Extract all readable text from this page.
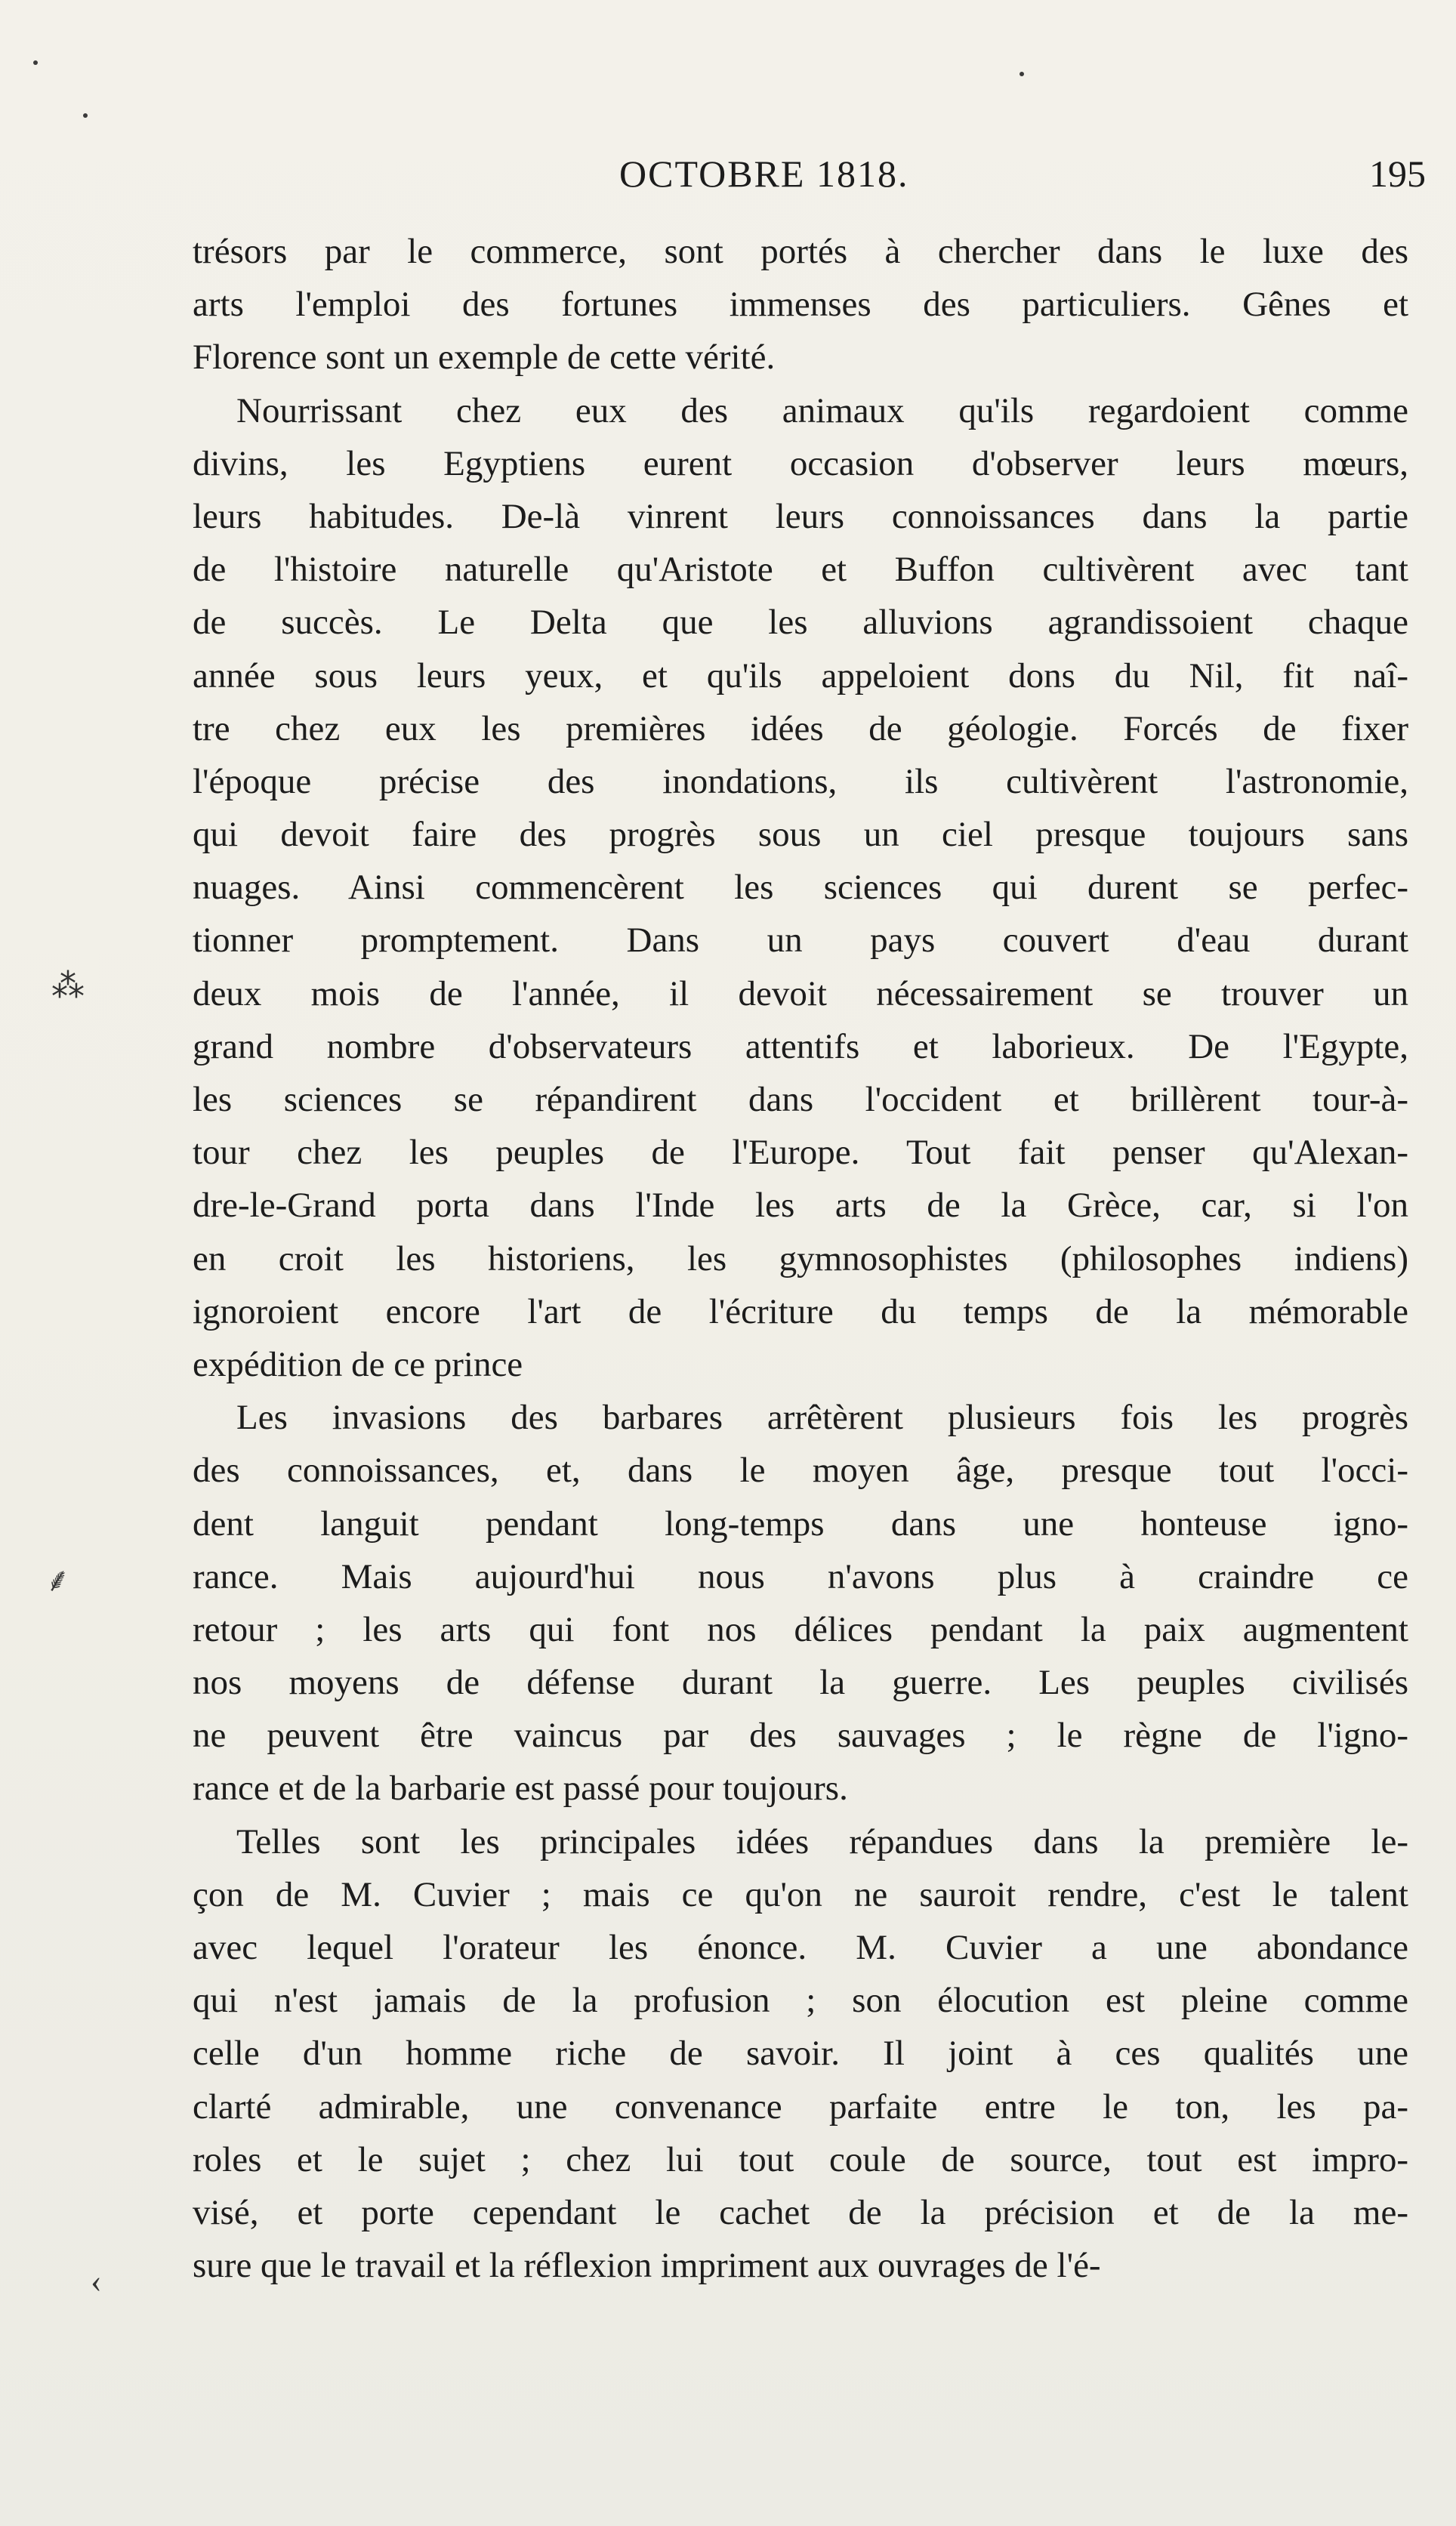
OCTOBRE 1818.	195
trésors par le commerce, sont portés à chercher dans le luxe des
arts l'emploi des fortunes immenses des particuliers. Gênes et
Florence sont un exemple de cette vérité.
Nourrissant chez eux des animaux qu'ils regardoient comme
divins, les Egyptiens eurent occasion d'observer leurs mœurs,
leurs habitudes. De-là vinrent leurs connoissances dans la partie
de l'histoire naturelle qu'Aristote et Buffon cultivèrent avec tant
de succès. Le Delta que les alluvions agrandissoient chaque
année sous leurs yeux, et qu'ils appeloient dons du Nil, fit naî-
tre chez eux les premières idées de géologie. Forcés de fixer
l'époque précise des inondations, ils cultivèrent l'astronomie,
qui devoit faire des progrès sous un ciel presque toujours sans
nuages. Ainsi commencèrent les sciences qui durent se perfec-
tionner promptement. Dans un pays couvert d'eau durant
deux mois de l'année, il devoit nécessairement se trouver un
grand nombre d'observateurs attentifs et laborieux. De l'Egypte,
les sciences se répandirent dans l'occident et brillèrent tour-à-
tour chez les peuples de l'Europe. Tout fait penser qu'Alexan-
dre-le-Grand porta dans l'Inde les arts de la Grèce, car, si l'on
en croit les historiens, les gymnosophistes (philosophes indiens)
ignoroient encore l'art de l'écriture du temps de la mémorable
expédition de ce prince
Les invasions des barbares arrêtèrent plusieurs fois les progrès
des connoissances, et, dans le moyen âge, presque tout l'occi-
dent languit pendant long-temps dans une honteuse igno-
rance. Mais aujourd'hui nous n'avons plus à craindre ce
retour ; les arts qui font nos délices pendant la paix augmentent
nos moyens de défense durant la guerre. Les peuples civilisés
ne peuvent être vaincus par des sauvages ; le règne de l'igno-
rance et de la barbarie est passé pour toujours.
Telles sont les principales idées répandues dans la première le-
çon de M. Cuvier ; mais ce qu'on ne sauroit rendre, c'est le talent
avec lequel l'orateur les énonce. M. Cuvier a une abondance
qui n'est jamais de la profusion ; son élocution est pleine comme
celle d'un homme riche de savoir. Il joint à ces qualités une
clarté admirable, une convenance parfaite entre le ton, les pa-
roles et le sujet ; chez lui tout coule de source, tout est impro-
visé, et porte cependant le cachet de la précision et de la me-
sure que le travail et la réflexion impriment aux ouvrages de l'é-
⁂
⸙
‹
